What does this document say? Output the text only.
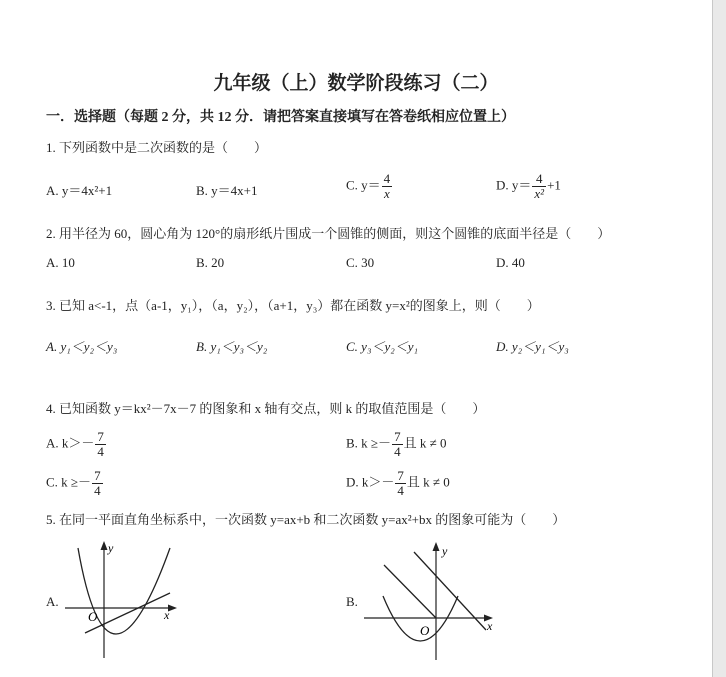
九年级（上）数学阶段练习（二）
一．选择题（每题 2 分，共 12 分．请把答案直接填写在答卷纸相应位置上）
1. 下列函数中是二次函数的是（　　）
A. y＝4x²+1	B. y＝4x+1	C. $y= \frac{4}{x}$	D. $y= \frac{4}{\text{x²}} +1$
2. 用半径为 60，圆心角为 120°的扇形纸片围成一个圆锥的侧面，则这个圆锥的底面半径是（　　）
A. 10	B. 20	C. 30	D. 40
3. 已知 a<-1，点（a-1，y₁），（a，y₂），（a+1，y₃）都在函数 y=x²的图象上，则（　　）
A. y₁＜y₂＜y₃	B. y₁＜y₃＜y₂	C. y₃＜y₂＜y₁	D. y₂＜y₁＜y₃
4. 已知函数 y＝kx²－7x－7 的图象和 x 轴有交点，则 k 的取值范围是（　　）
A. $k>- \frac{7}{4}$	B. $k \ge- \frac{7}{4}$ 且 k ≠ 0
C. $k \ge- \frac{7}{4}$	D. $k>- \frac{7}{4}$ 且 k ≠ 0
5. 在同一平面直角坐标系中，一次函数 y=ax+b 和二次函数 y=ax²+bx 的图象可能为（　　）
A.	B.
y
x
O
y
x
O
